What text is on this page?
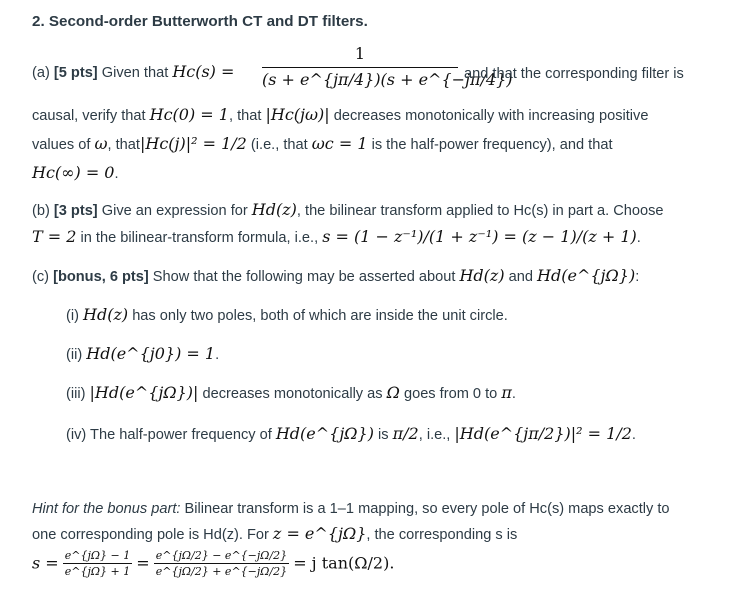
2. Second-order Butterworth CT and DT filters.
(a) [5 pts] Given that $Hc(s) = \frac{1}{(s + e\^{}\{j\pi/4\})(s + e\^{}\{-j\pi/4\})}$ and that the corresponding filter is
causal, verify that Hc(0) = 1, that |Hc(jω)| decreases monotonically with increasing positive
values of ω, that|Hc(j)|² = 1/2 (i.e., that ωc = 1 is the half-power frequency), and that
Hc(∞) = 0.
(b) [3 pts] Give an expression for Hd(z), the bilinear transform applied to Hc(s) in part a. Choose
T = 2 in the bilinear-transform formula, i.e., s = (1 − z⁻¹)/(1 + z⁻¹) = (z − 1)/(z + 1).
(c) [bonus, 6 pts] Show that the following may be asserted about Hd(z) and Hd(e^{jΩ}):
(i) Hd(z) has only two poles, both of which are inside the unit circle.
(ii) Hd(e^{j0}) = 1.
(iii) |Hd(e^{jΩ})| decreases monotonically as Ω goes from 0 to π.
(iv) The half-power frequency of Hd(e^{jΩ}) is π/2, i.e., |Hd(e^{jπ/2})|² = 1/2.
Hint for the bonus part: Bilinear transform is a 1–1 mapping, so every pole of Hc(s) maps exactly to
one corresponding pole is Hd(z). For z = e^{jΩ}, the corresponding s is
$s = \frac{e\^{}\{j\Omega\} - 1}{e\^{}\{j\Omega\} + 1} = \frac{e\^{}\{j\Omega/2\} - e\^{}\{-j\Omega/2\}}{e\^{}\{j\Omega/2\} + e\^{}\{-j\Omega/2\}} = j$ tan(Ω/2).
